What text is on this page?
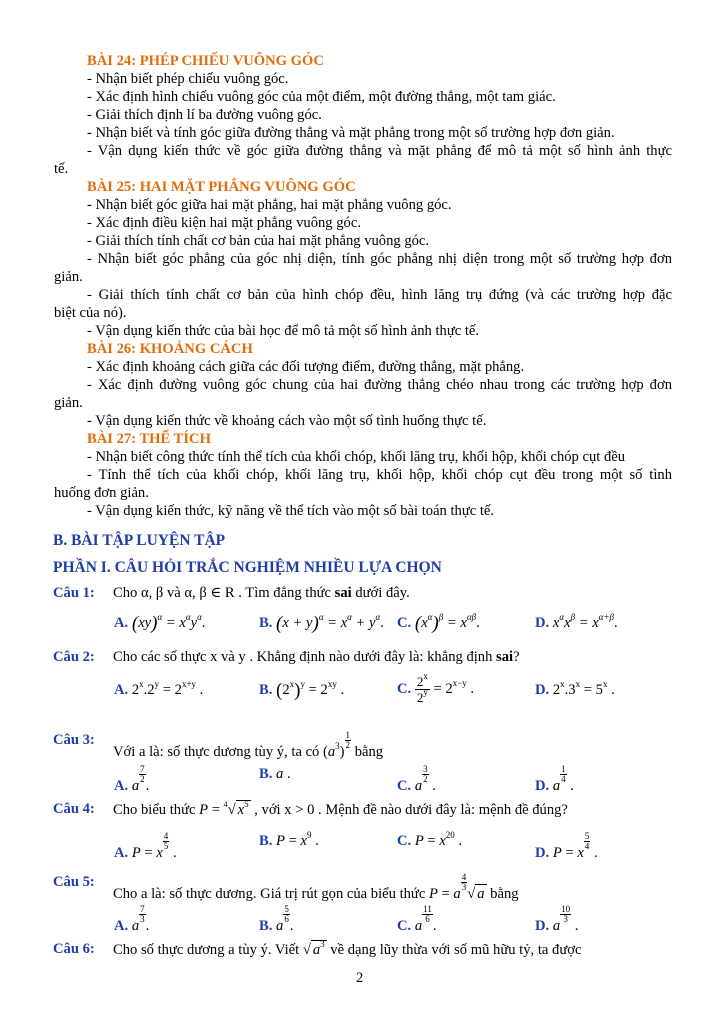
BÀI 24: PHÉP CHIẾU VUÔNG GÓC
- Nhận biết phép chiếu vuông góc.
- Xác định hình chiếu vuông góc của một điểm, một đường thẳng, một tam giác.
- Giải thích định lí ba đường vuông góc.
- Nhận biết và tính góc giữa đường thẳng và mặt phẳng trong một số trường hợp đơn giản.
- Vận dụng kiến thức về góc giữa đường thẳng và mặt phẳng để mô tả một số hình ảnh thực
tế.
BÀI 25: HAI MẶT PHẲNG VUÔNG GÓC
- Nhận biết góc giữa hai mặt phẳng, hai mặt phẳng vuông góc.
- Xác định điều kiện hai mặt phẳng vuông góc.
- Giải thích tính chất cơ bản của hai mặt phẳng vuông góc.
- Nhận biết góc phẳng của góc nhị diện, tính góc phẳng nhị diện trong một số trường hợp đơn
giản.
- Giải thích tính chất cơ bản của hình chóp đều, hình lăng trụ đứng (và các trường hợp đặc
biệt của nó).
- Vận dụng kiến thức của bài học để mô tả một số hình ảnh thực tế.
BÀI 26: KHOẢNG CÁCH
- Xác định khoảng cách giữa các đối tượng điểm, đường thẳng, mặt phẳng.
- Xác định đường vuông góc chung của hai đường thẳng chéo nhau trong các trường hợp đơn
giản.
- Vận dụng kiến thức về khoảng cách vào một số tình huống thực tế.
BÀI 27: THỂ TÍCH
- Nhận biết công thức tính thể tích của khối chóp, khối lăng trụ, khối hộp, khối chóp cụt đều
- Tính thể tích của khối chóp, khối lăng trụ, khối hộp, khối chóp cụt đều trong một số tình
huống đơn giản.
- Vận dụng kiến thức, kỹ năng về thể tích vào một số bài toán thực tế.
B. BÀI TẬP LUYỆN TẬP
PHẦN I. CÂU HỎI TRẮC NGHIỆM NHIỀU LỰA CHỌN
Câu 1: Cho α, β và α, β ∈ R . Tìm đẳng thức sai dưới đây.
A. $(xy)^\alpha = x^\alpha y^\alpha$.	B. $(x + y)^\alpha = x^\alpha + y^\alpha$. C. $(x^\alpha)^\beta = x^{\alpha\beta}$.	D. $x^\alpha x^\beta = x^{\alpha+\beta}$.
Câu 2: Cho các số thực x và y . Khẳng định nào dưới đây là: khẳng định sai?
A. $2^x.2^y = 2^{x+y}$ .	B. $(2^x)^y = 2^{xy}$ .	C. $\frac{2^x}{2^y} = 2^{x-y}$ .	D. $2^x.3^x = 5^x$ .
Câu 3:
Với a là: số thực dương tùy ý, ta có $(a^3)$
$\frac{1}{2}$
bằng
A. a
$\frac{7}{2}$
.
B. a .
C. a
$\frac{3}{2}$
.	D. a
$\frac{1}{4}$
.
Câu 4: Cho biểu thức P = $^4$√ $x^5$ , với x > 0 . Mệnh đề nào dưới đây là: mệnh đề đúng?
A. P = x
$\frac{4}{5}$
.
B. $P = x^9$ .	C. $P = x^{20}$ .
D. P = x
$\frac{5}{4}$
.
Câu 5:
Cho a là: số thực dương. Giá trị rút gọn của biểu thức P = a
$\frac{4}{3}$
√ a bằng
A. a
$\frac{7}{3}$
.	B. a
$\frac{5}{6}$
.	C. a
$\frac{11}{6}$
.	D. a
$\frac{10}{3}$
.
Câu 6: Cho số thực dương a tùy ý. Viết √ $a^3$ về dạng lũy thừa với số mũ hữu tỷ, ta được
2
